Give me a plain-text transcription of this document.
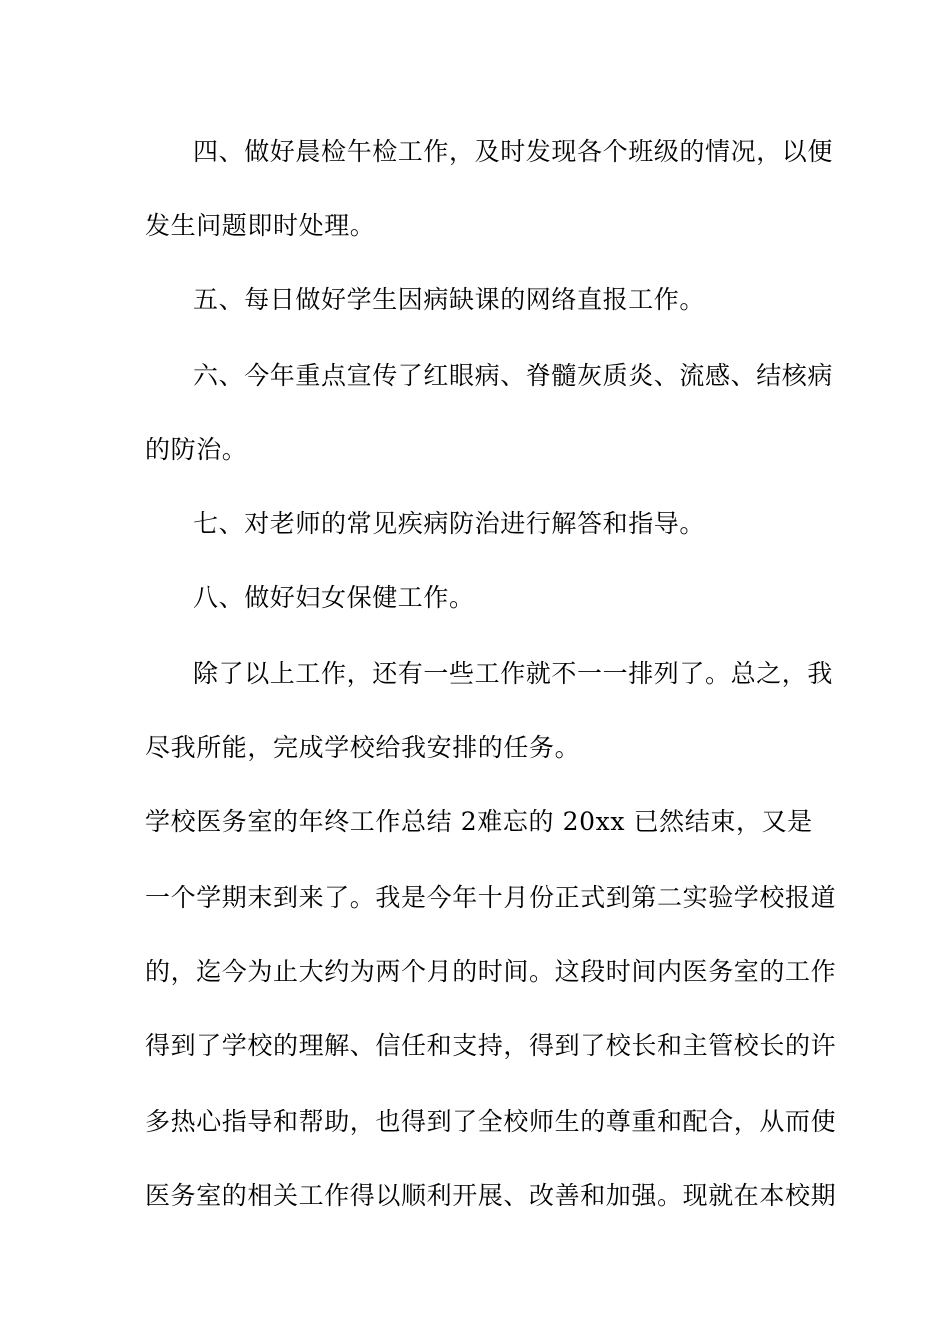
四、做好晨检午检工作，及时发现各个班级的情况，以便
发生问题即时处理。
五、每日做好学生因病缺课的网络直报工作。
六、今年重点宣传了红眼病、脊髓灰质炎、流感、结核病
的防治。
七、对老师的常见疾病防治进行解答和指导。
八、做好妇女保健工作。
除了以上工作，还有一些工作就不一一排列了。总之，我
尽我所能，完成学校给我安排的任务。
学校医务室的年终工作总结 2 难忘的 20xx 已然结束，又是
一个学期末到来了。我是今年十月份正式到第二实验学校报道
的，迄今为止大约为两个月的时间。这段时间内医务室的工作
得到了学校的理解、信任和支持，得到了校长和主管校长的许
多热心指导和帮助，也得到了全校师生的尊重和配合，从而使
医务室的相关工作得以顺利开展、改善和加强。现就在本校期
